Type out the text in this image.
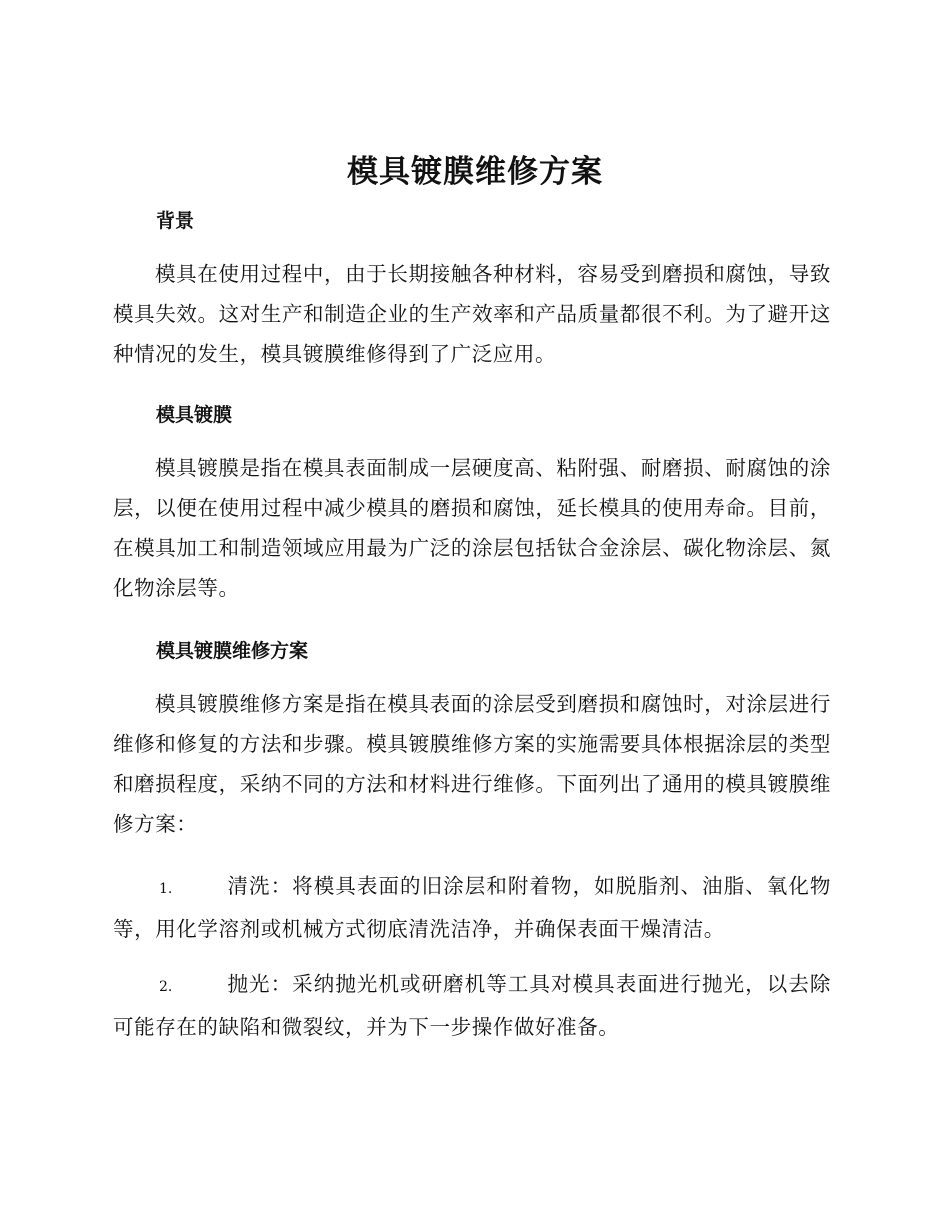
模具镀膜维修方案
背景

模具在使用过程中，由于长期接触各种材料，容易受到磨损和腐蚀，导致模具失效。这对生产和制造企业的生产效率和产品质量都很不利。为了避开这种情况的发生，模具镀膜维修得到了广泛应用。

模具镀膜

模具镀膜是指在模具表面制成一层硬度高、粘附强、耐磨损、耐腐蚀的涂层，以便在使用过程中减少模具的磨损和腐蚀，延长模具的使用寿命。目前，在模具加工和制造领域应用最为广泛的涂层包括钛合金涂层、碳化物涂层、氮化物涂层等。

模具镀膜维修方案

模具镀膜维修方案是指在模具表面的涂层受到磨损和腐蚀时，对涂层进行维修和修复的方法和步骤。模具镀膜维修方案的实施需要具体根据涂层的类型和磨损程度，采纳不同的方法和材料进行维修。下面列出了通用的模具镀膜维修方案：

1.	清洗：将模具表面的旧涂层和附着物，如脱脂剂、油脂、氧化物等，用化学溶剂或机械方式彻底清洗洁净，并确保表面干燥清洁。

2.	抛光：采纳抛光机或研磨机等工具对模具表面进行抛光，以去除可能存在的缺陷和微裂纹，并为下一步操作做好准备。
